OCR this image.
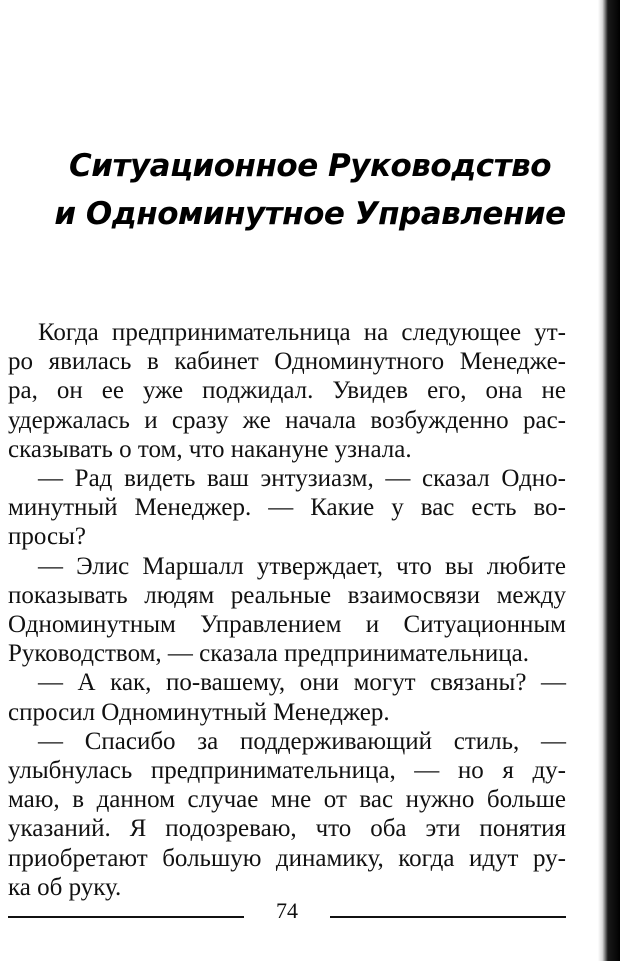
Ситуационное Руководство
и Одноминутное Управление
Когда предпринимательница на следующее ут-
ро явилась в кабинет Одноминутного Менедже-
ра, он ее уже поджидал. Увидев его, она не
удержалась и сразу же начала возбужденно рас-
сказывать о том, что накануне узнала.
— Рад видеть ваш энтузиазм, — сказал Одно-
минутный Менеджер. — Какие у вас есть во-
просы?
— Элис Маршалл утверждает, что вы любите
показывать людям реальные взаимосвязи между
Одноминутным Управлением и Ситуационным
Руководством, — сказала предпринимательница.
— А как, по-вашему, они могут связаны? —
спросил Одноминутный Менеджер.
— Спасибо за поддерживающий стиль, —
улыбнулась предпринимательница, — но я ду-
маю, в данном случае мне от вас нужно больше
указаний. Я подозреваю, что оба эти понятия
приобретают большую динамику, когда идут ру-
ка об руку.
74
